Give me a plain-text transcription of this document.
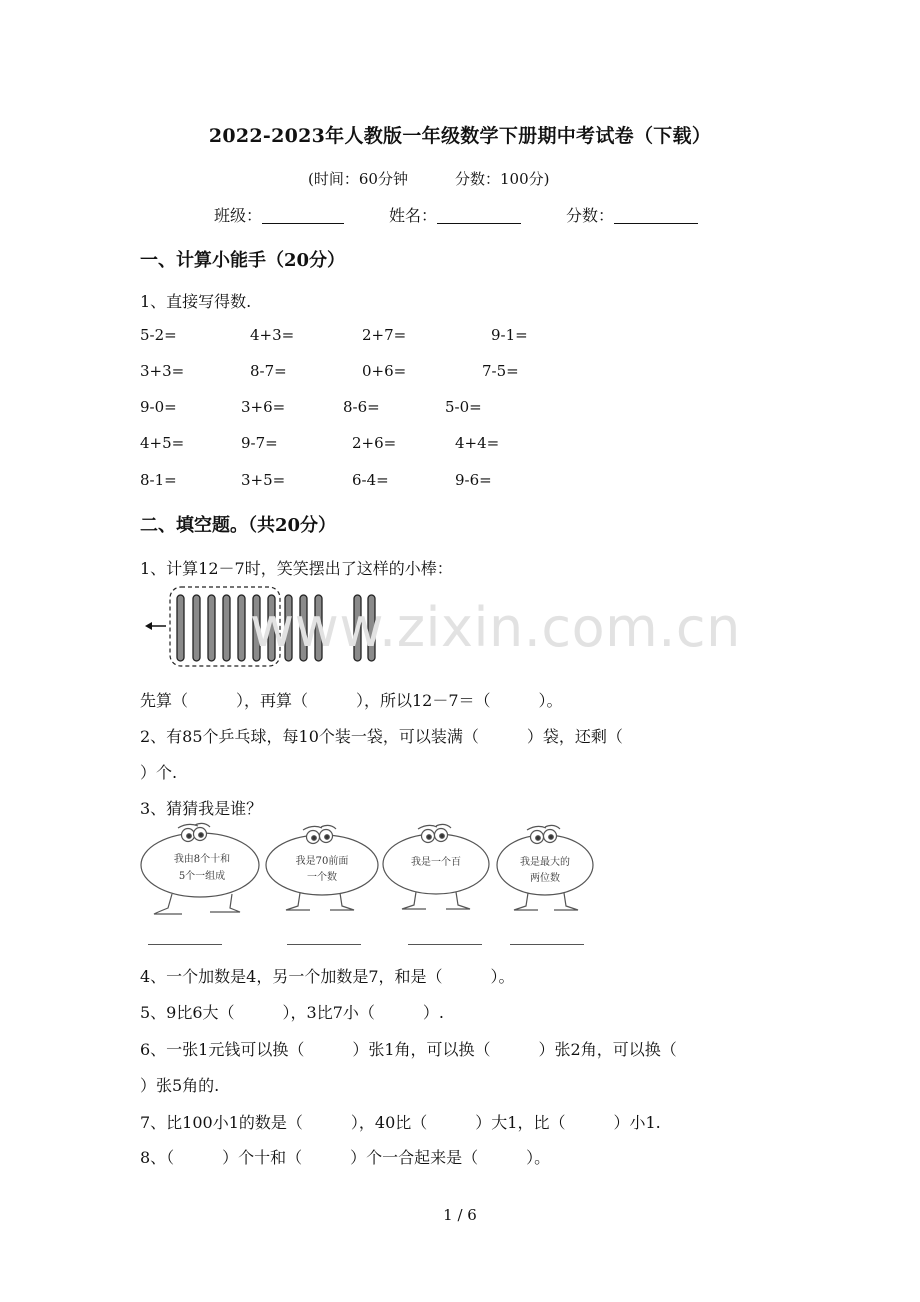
2022-2023年人教版一年级数学下册期中考试卷（下载）
(时间：60分钟	分数：100分)
班级：	姓名：	分数：
一、计算小能手（20分）
1、直接写得数.
5-2=	4+3=	2+7=	9-1=
3+3=	8-7=	0+6=	7-5=
9-0=	3+6=	8-6=	5-0=
4+5=	9-7=	2+6=	4+4=
8-1=	3+5=	6-4=	9-6=
二、填空题。（共20分）
1、计算12－7时，笑笑摆出了这样的小棒：
www.zixin.com.cn
先算（　　　），再算（　　　），所以12－7＝（　　　）。
2、有85个乒乓球，每10个装一袋，可以装满（　　　）袋，还剩（
）个.
3、猜猜我是谁？
我由8个十和
5个一组成
我是70前面
一个数
我是一个百	我是最大的
两位数
4、一个加数是4，另一个加数是7，和是（　　　）。
5、9比6大（　　　），3比7小（　　　）.
6、一张1元钱可以换（　　　）张1角，可以换（　　　）张2角，可以换（
）张5角的.
7、比100小1的数是（　　　），40比（　　　）大1，比（　　　）小1.
8、（　　　）个十和（　　　）个一合起来是（　　　）。
1 / 6
